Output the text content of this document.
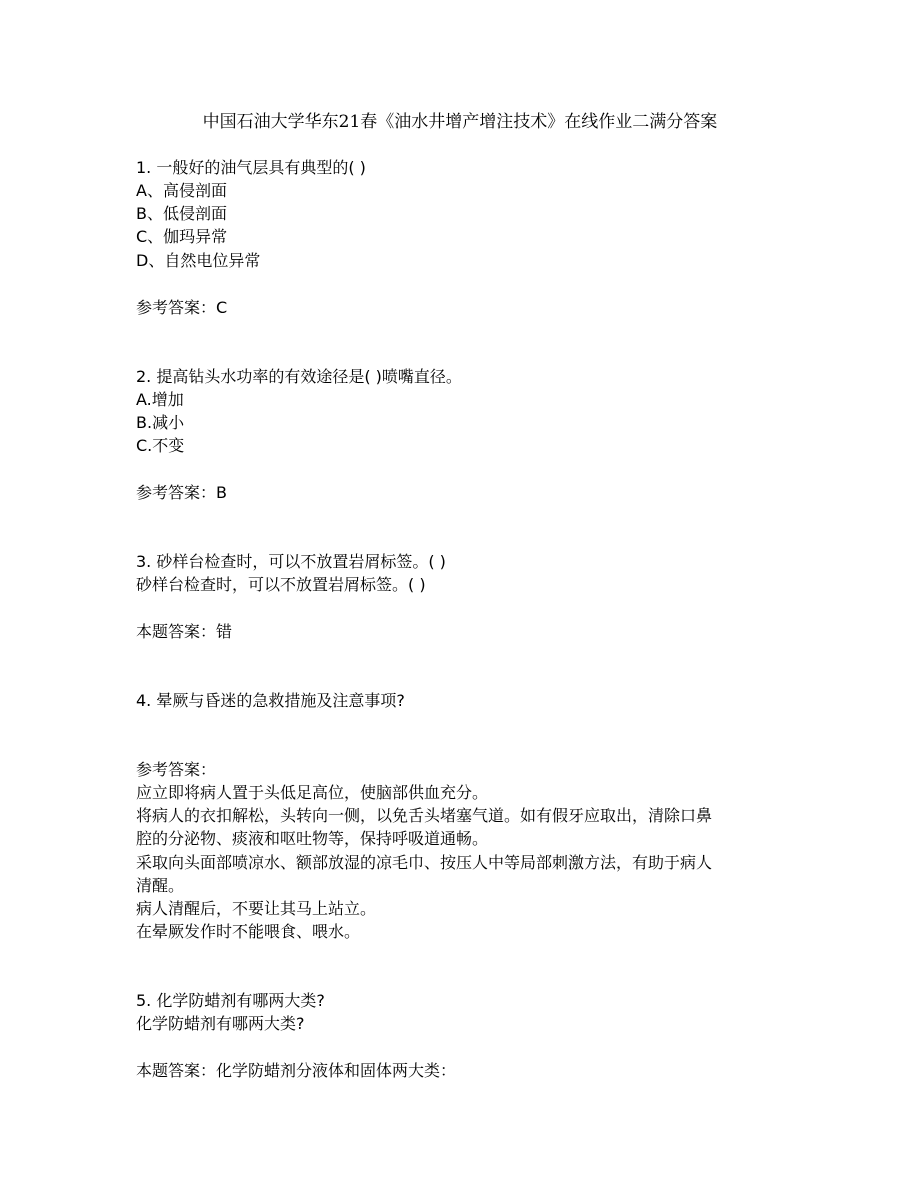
中国石油大学华东21春《油水井增产增注技术》在线作业二满分答案
1. 一般好的油气层具有典型的( )
A、高侵剖面
B、低侵剖面
C、伽玛异常
D、自然电位异常
参考答案：C
2. 提高钻头水功率的有效途径是( )喷嘴直径。
A.增加
B.减小
C.不变
参考答案：B
3. 砂样台检查时，可以不放置岩屑标签。( )
砂样台检查时，可以不放置岩屑标签。( )
本题答案：错
4. 晕厥与昏迷的急救措施及注意事项?
参考答案：
应立即将病人置于头低足高位，使脑部供血充分。
将病人的衣扣解松，头转向一侧，以免舌头堵塞气道。如有假牙应取出，清除口鼻
腔的分泌物、痰液和呕吐物等，保持呼吸道通畅。
采取向头面部喷凉水、额部放湿的凉毛巾、按压人中等局部刺激方法，有助于病人
清醒。
病人清醒后，不要让其马上站立。
在晕厥发作时不能喂食、喂水。
5. 化学防蜡剂有哪两大类?
化学防蜡剂有哪两大类?
本题答案：化学防蜡剂分液体和固体两大类：
